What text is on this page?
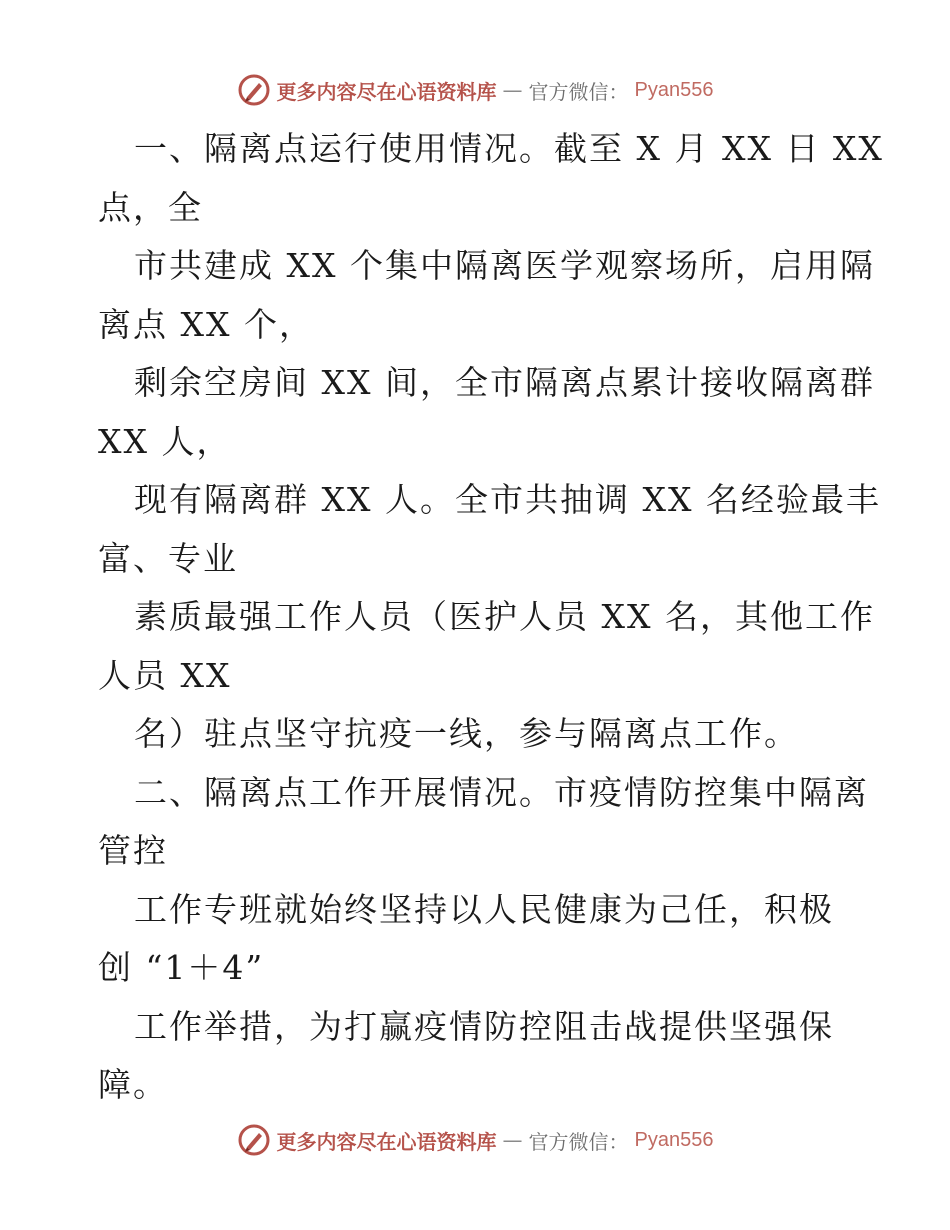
更多内容尽在心语资料库 — 官方微信： Pyan556
一、隔离点运行使用情况。截至 X 月 XX 日 XX
点，全
市共建成 XX 个集中隔离医学观察场所，启用隔
离点 XX 个，
剩余空房间 XX 间，全市隔离点累计接收隔离群
XX 人，
现有隔离群 XX 人。全市共抽调 XX 名经验最丰
富、专业
素质最强工作人员（医护人员 XX 名，其他工作
人员 XX
名）驻点坚守抗疫一线，参与隔离点工作。
二、隔离点工作开展情况。市疫情防控集中隔离
管控
工作专班就始终坚持以人民健康为己任，积极
创 “1＋4”
工作举措，为打赢疫情防控阻击战提供坚强保
障。
更多内容尽在心语资料库 — 官方微信： Pyan556
